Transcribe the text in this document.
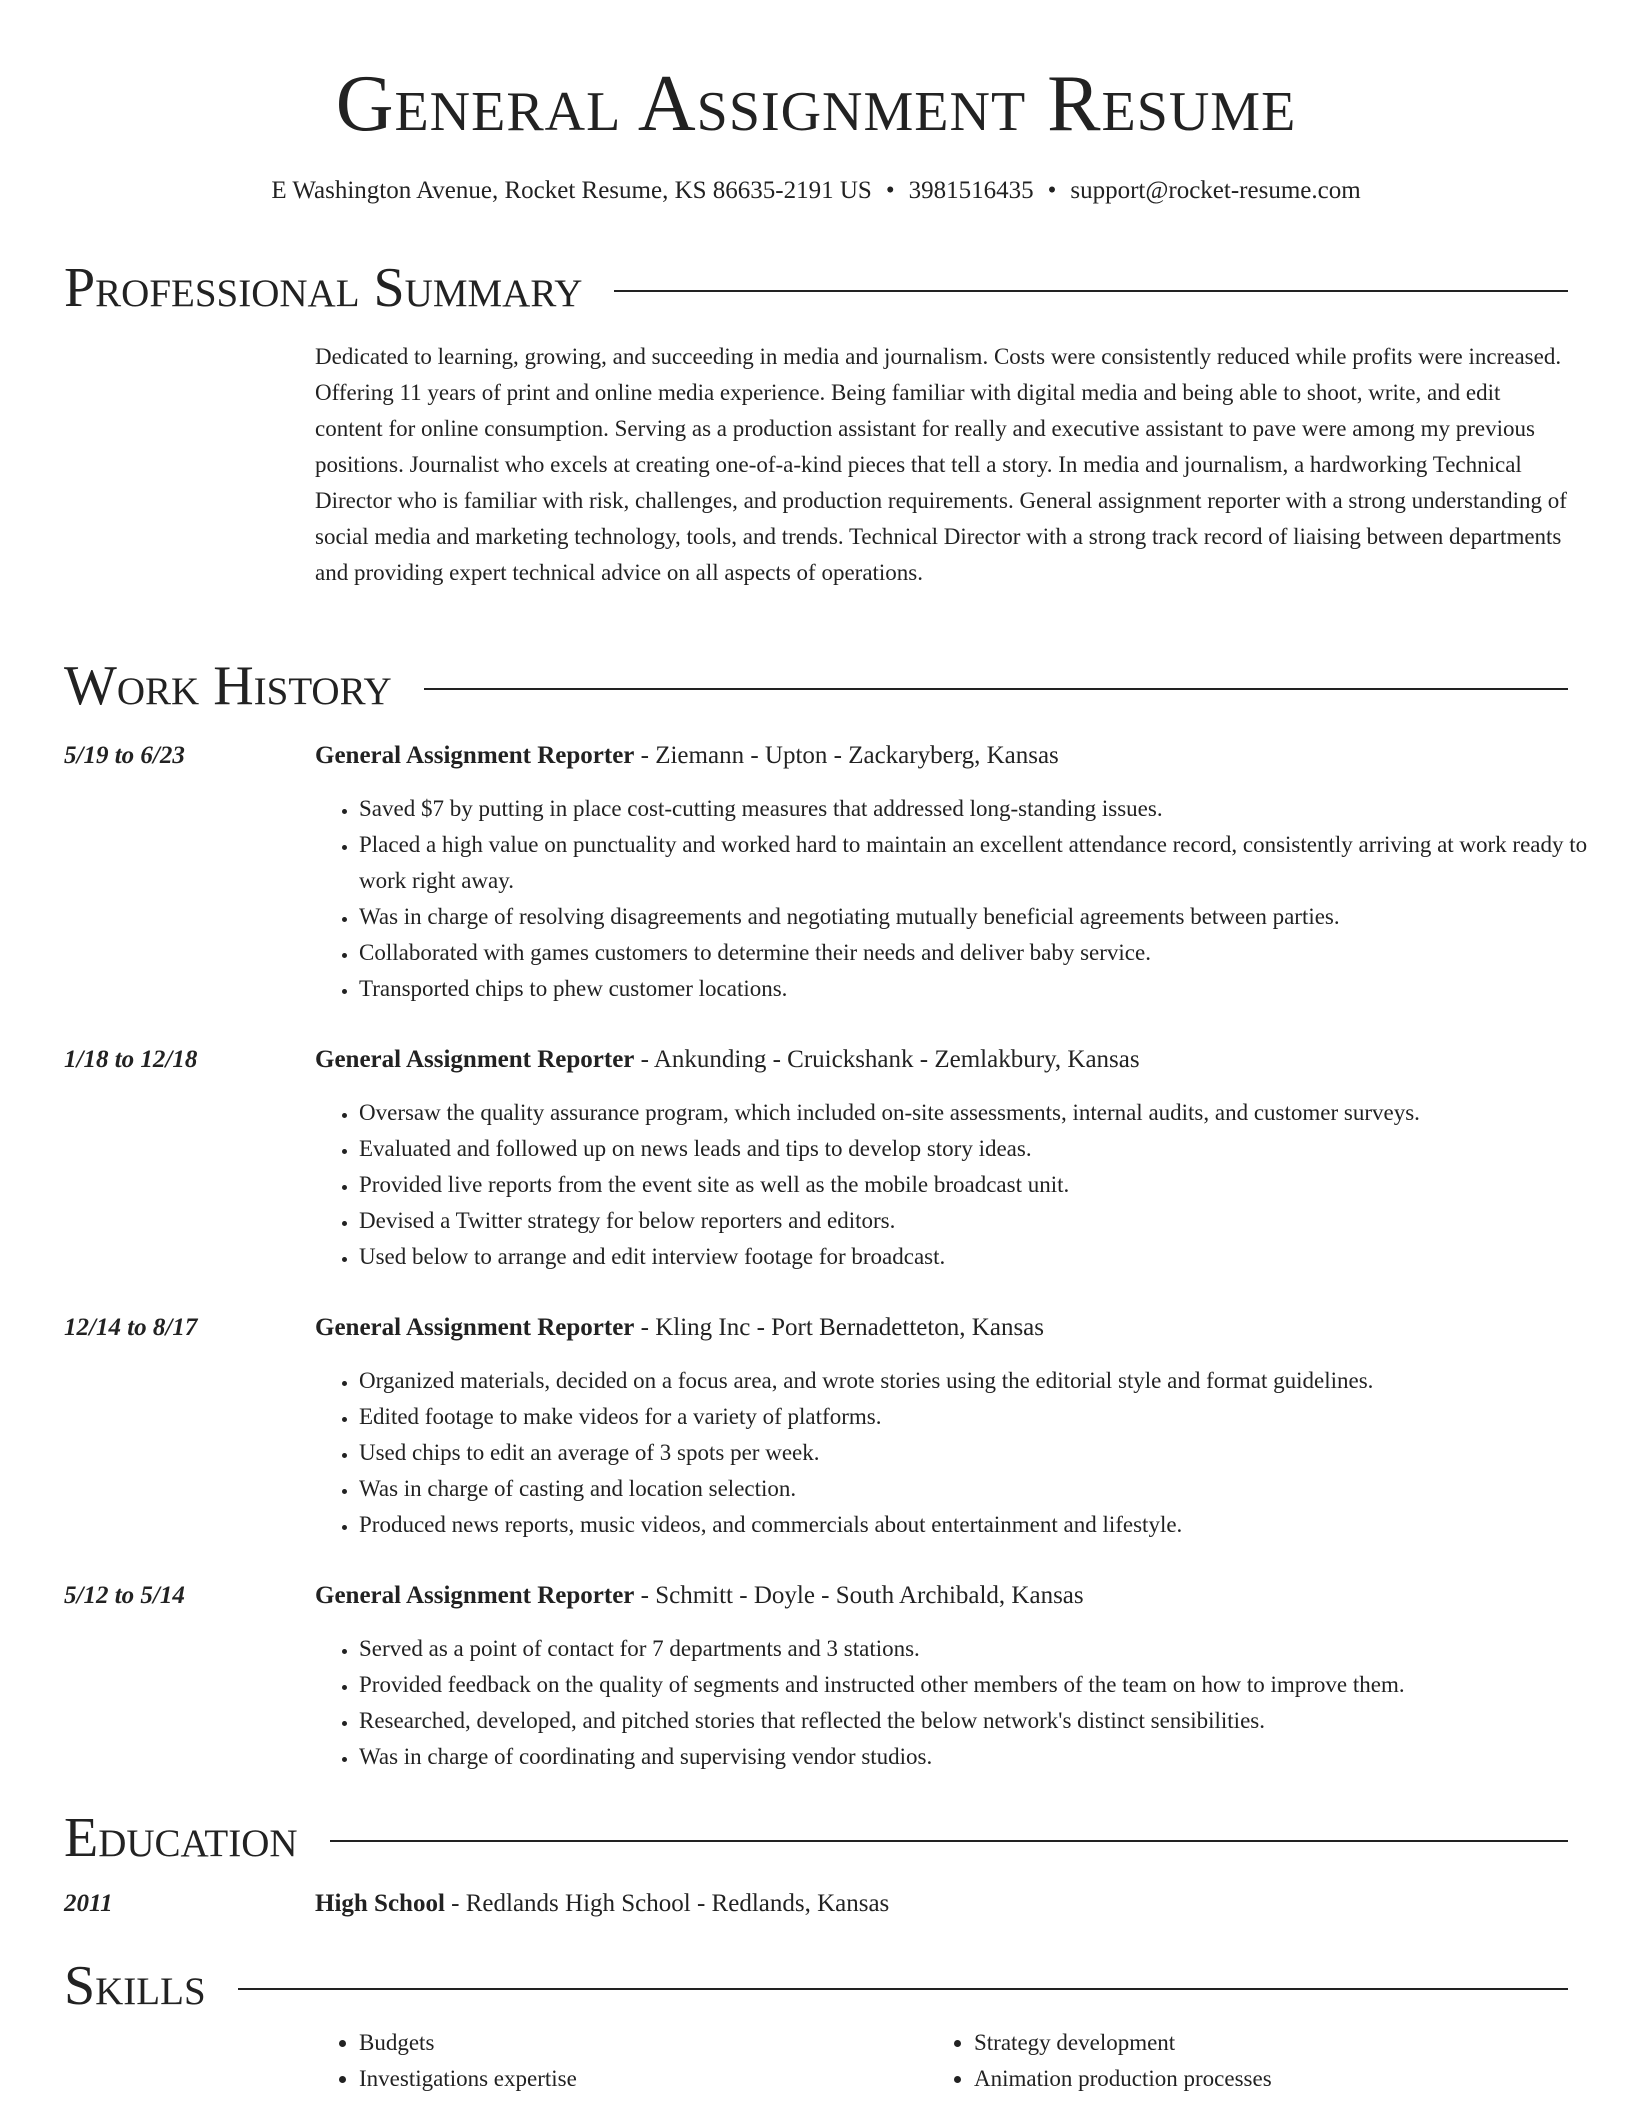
General Assignment Resume
E Washington Avenue, Rocket Resume, KS 86635-2191 US • 3981516435 • support@rocket-resume.com
Professional Summary
Dedicated to learning, growing, and succeeding in media and journalism. Costs were consistently reduced while profits were increased. Offering 11 years of print and online media experience. Being familiar with digital media and being able to shoot, write, and edit content for online consumption. Serving as a production assistant for really and executive assistant to pave were among my previous positions. Journalist who excels at creating one-of-a-kind pieces that tell a story. In media and journalism, a hardworking Technical Director who is familiar with risk, challenges, and production requirements. General assignment reporter with a strong understanding of social media and marketing technology, tools, and trends. Technical Director with a strong track record of liaising between departments and providing expert technical advice on all aspects of operations.
Work History
5/19 to 6/23	General Assignment Reporter - Ziemann - Upton - Zackaryberg, Kansas
• Saved $7 by putting in place cost-cutting measures that addressed long-standing issues.
• Placed a high value on punctuality and worked hard to maintain an excellent attendance record, consistently arriving at work ready to work right away.
• Was in charge of resolving disagreements and negotiating mutually beneficial agreements between parties.
• Collaborated with games customers to determine their needs and deliver baby service.
• Transported chips to phew customer locations.
1/18 to 12/18	General Assignment Reporter - Ankunding - Cruickshank - Zemlakbury, Kansas
• Oversaw the quality assurance program, which included on-site assessments, internal audits, and customer surveys.
• Evaluated and followed up on news leads and tips to develop story ideas.
• Provided live reports from the event site as well as the mobile broadcast unit.
• Devised a Twitter strategy for below reporters and editors.
• Used below to arrange and edit interview footage for broadcast.
12/14 to 8/17	General Assignment Reporter - Kling Inc - Port Bernadetteton, Kansas
• Organized materials, decided on a focus area, and wrote stories using the editorial style and format guidelines.
• Edited footage to make videos for a variety of platforms.
• Used chips to edit an average of 3 spots per week.
• Was in charge of casting and location selection.
• Produced news reports, music videos, and commercials about entertainment and lifestyle.
5/12 to 5/14	General Assignment Reporter - Schmitt - Doyle - South Archibald, Kansas
• Served as a point of contact for 7 departments and 3 stations.
• Provided feedback on the quality of segments and instructed other members of the team on how to improve them.
• Researched, developed, and pitched stories that reflected the below network's distinct sensibilities.
• Was in charge of coordinating and supervising vendor studios.
Education
2011	High School - Redlands High School - Redlands, Kansas
Skills
• Budgets
• Investigations expertise
• Strategy development
• Animation production processes
